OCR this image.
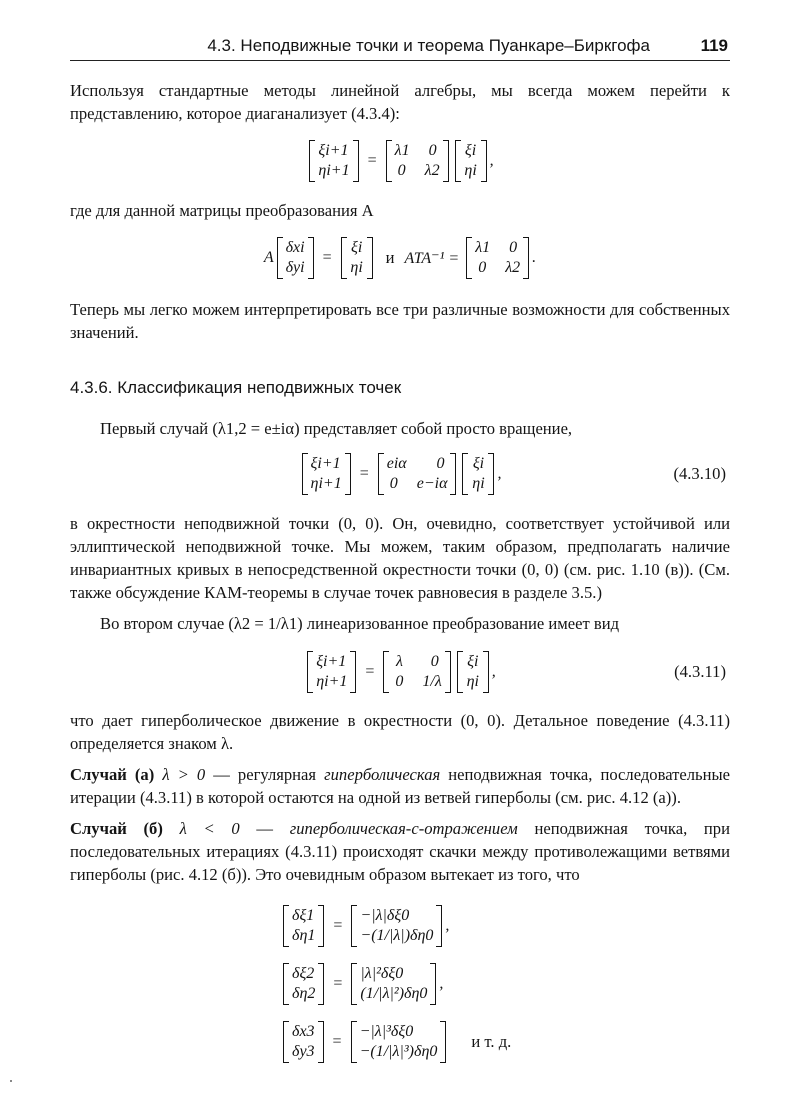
4.3. Неподвижные точки и теорема Пуанкаре–Биркгофа	119

Используя стандартные методы линейной алгебры, мы всегда можем перейти к представлению, которое диаганализует (4.3.4):

ξi+1
ηi+1
=
λ1 0
0 λ2
ξi
ηi
,

где для данной матрицы преобразования A

A
δxi
δyi
=
ξi
ηi
и ATA⁻¹ =
λ1 0
0 λ2
.

Теперь мы легко можем интерпретировать все три различные возможности для собственных значений.

4.3.6. Классификация неподвижных точек

Первый случай (λ1,2 = e±iα) представляет собой просто вращение,

ξi+1
ηi+1
=
eiα 0
0 e−iα
ξi
ηi
,	(4.3.10)

в окрестности неподвижной точки (0, 0). Он, очевидно, соответствует устойчивой или эллиптической неподвижной точке. Мы можем, таким образом, предполагать наличие инвариантных кривых в непосредственной окрестности точки (0, 0) (см. рис. 1.10 (в)). (См. также обсуждение КАМ-теоремы в случае точек равновесия в разделе 3.5.)

Во втором случае (λ2 = 1/λ1) линеаризованное преобразование имеет вид

ξi+1
ηi+1
=
λ 0
0 1/λ
ξi
ηi
,	(4.3.11)

что дает гиперболическое движение в окрестности (0, 0). Детальное поведение (4.3.11) определяется знаком λ.

Случай (а) λ > 0 — регулярная гиперболическая неподвижная точка, последовательные итерации (4.3.11) в которой остаются на одной из ветвей гиперболы (см. рис. 4.12 (а)).

Случай (б) λ < 0 — гиперболическая-с-отражением неподвижная точка, при последовательных итерациях (4.3.11) происходят скачки между противолежащими ветвями гиперболы (рис. 4.12 (б)). Это очевидным образом вытекает из того, что

δξ1
δη1
=
−|λ|δξ0
−(1/|λ|)δη0
,
δξ2
δη2
=
|λ|²δξ0
(1/|λ|²)δη0
,
δx3
δy3
=
−|λ|³δξ0
−(1/|λ|³)δη0
и т. д.
